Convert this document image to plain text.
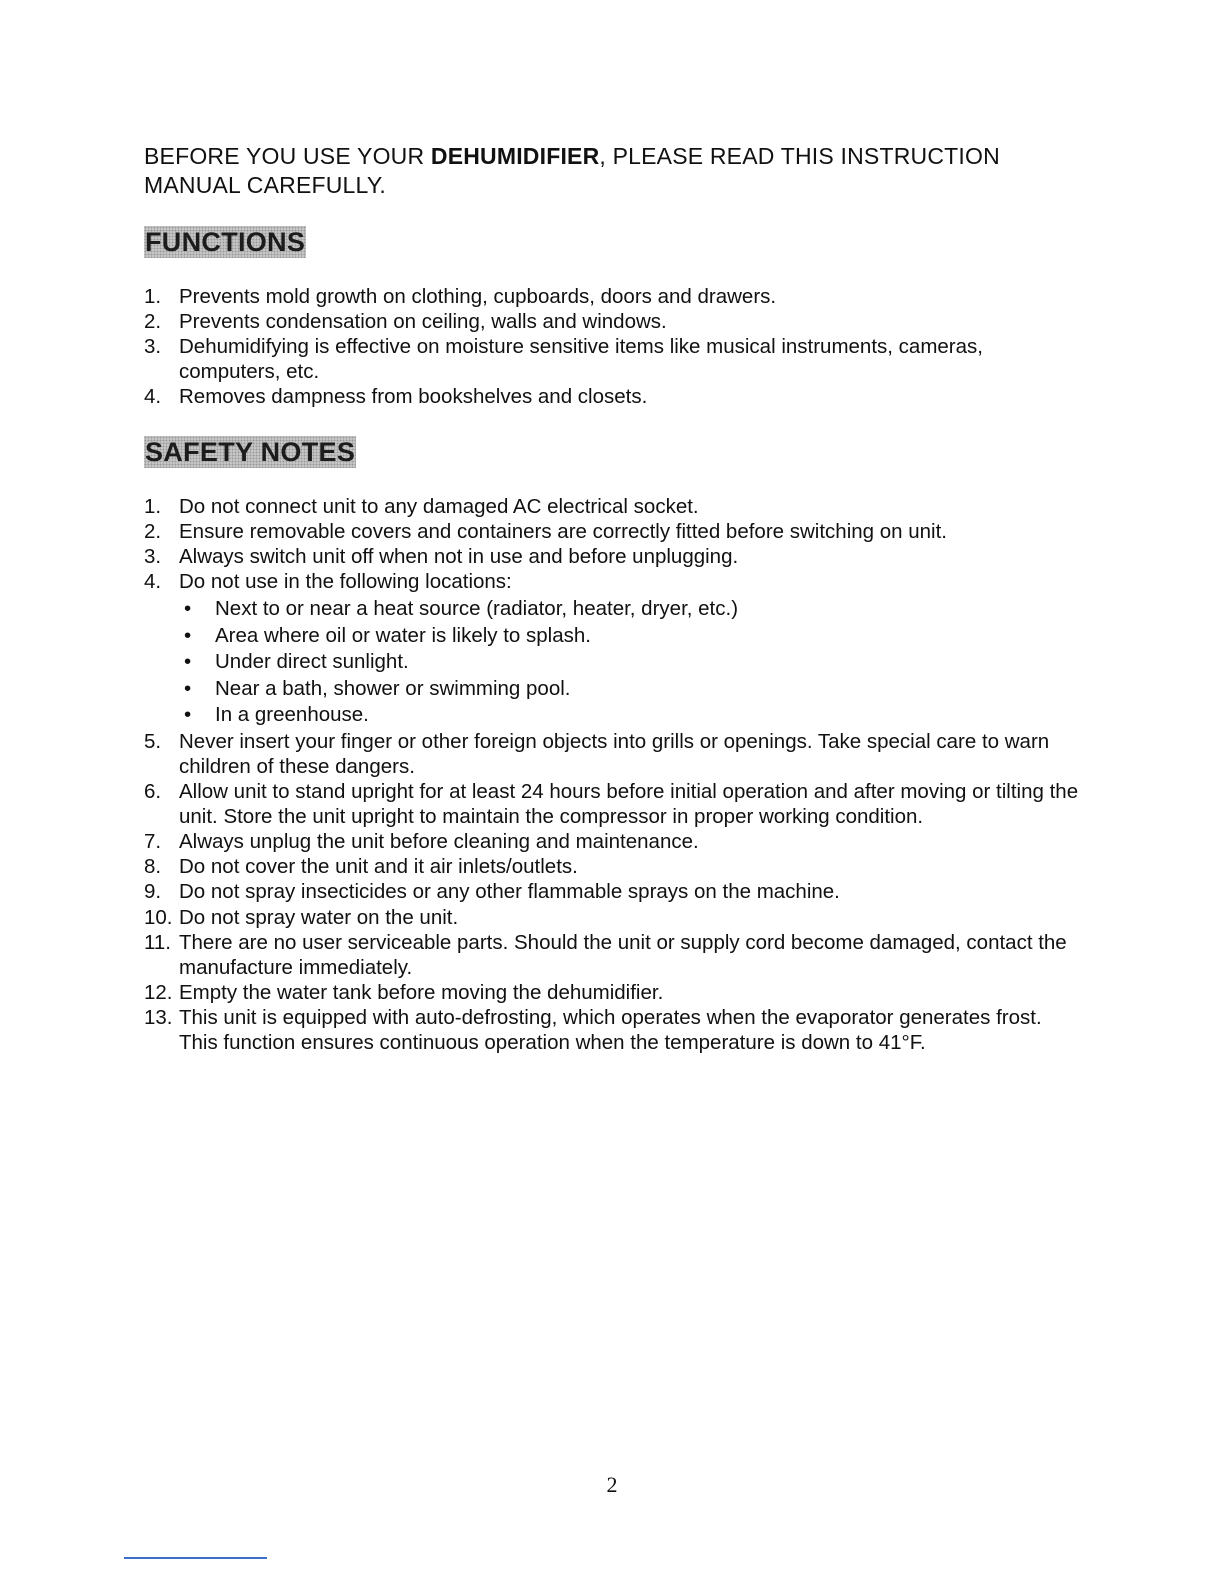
BEFORE YOU USE YOUR DEHUMIDIFIER, PLEASE READ THIS INSTRUCTION MANUAL CAREFULLY.
FUNCTIONS
1. Prevents mold growth on clothing, cupboards, doors and drawers.
2. Prevents condensation on ceiling, walls and windows.
3. Dehumidifying is effective on moisture sensitive items like musical instruments, cameras, computers, etc.
4. Removes dampness from bookshelves and closets.
SAFETY NOTES
1. Do not connect unit to any damaged AC electrical socket.
2. Ensure removable covers and containers are correctly fitted before switching on unit.
3. Always switch unit off when not in use and before unplugging.
4. Do not use in the following locations:
• Next to or near a heat source (radiator, heater, dryer, etc.)
• Area where oil or water is likely to splash.
• Under direct sunlight.
• Near a bath, shower or swimming pool.
• In a greenhouse.
5. Never insert your finger or other foreign objects into grills or openings. Take special care to warn children of these dangers.
6. Allow unit to stand upright for at least 24 hours before initial operation and after moving or tilting the unit. Store the unit upright to maintain the compressor in proper working condition.
7. Always unplug the unit before cleaning and maintenance.
8. Do not cover the unit and it air inlets/outlets.
9. Do not spray insecticides or any other flammable sprays on the machine.
10. Do not spray water on the unit.
11. There are no user serviceable parts. Should the unit or supply cord become damaged, contact the manufacture immediately.
12. Empty the water tank before moving the dehumidifier.
13. This unit is equipped with auto-defrosting, which operates when the evaporator generates frost. This function ensures continuous operation when the temperature is down to 41°F.
2
